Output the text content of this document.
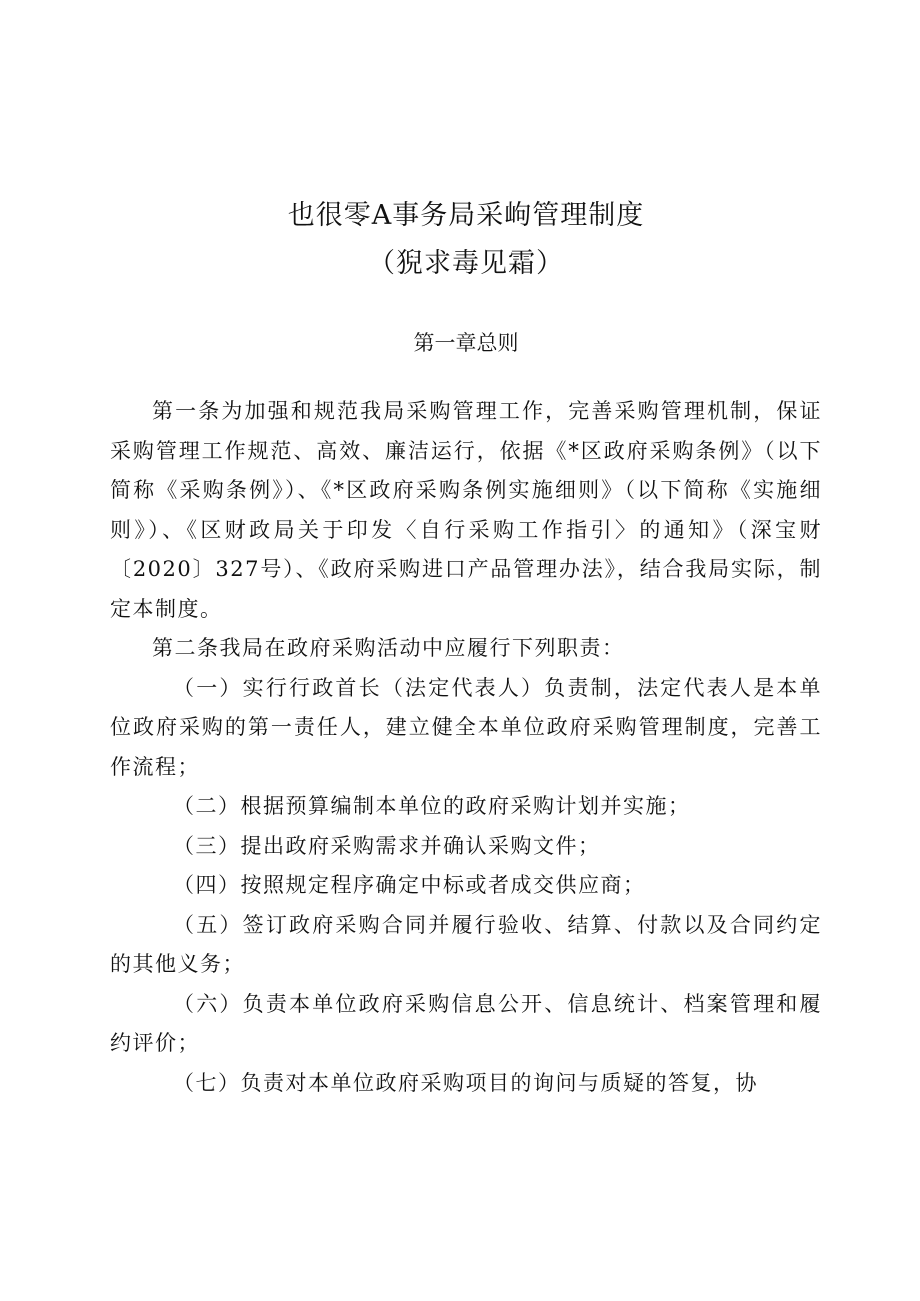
也很零A事务局采岣管理制度
（猊求毒见霜）
第一章总则

第一条为加强和规范我局采购管理工作，完善采购管理机制，保证采购管理工作规范、高效、廉洁运行，依据《*区政府采购条例》（以下简称《采购条例》）、《*区政府采购条例实施细则》（以下简称《实施细则》）、《区财政局关于印发〈自行采购工作指引〉的通知》（深宝财〔2020〕327号）、《政府采购进口产品管理办法》，结合我局实际，制定本制度。

第二条我局在政府采购活动中应履行下列职责：

（一）实行行政首长（法定代表人）负责制，法定代表人是本单位政府采购的第一责任人，建立健全本单位政府采购管理制度，完善工作流程；

（二）根据预算编制本单位的政府采购计划并实施；

（三）提出政府采购需求并确认采购文件；

（四）按照规定程序确定中标或者成交供应商；

（五）签订政府采购合同并履行验收、结算、付款以及合同约定的其他义务；

（六）负责本单位政府采购信息公开、信息统计、档案管理和履约评价；

（七）负责对本单位政府采购项目的询问与质疑的答复，协
